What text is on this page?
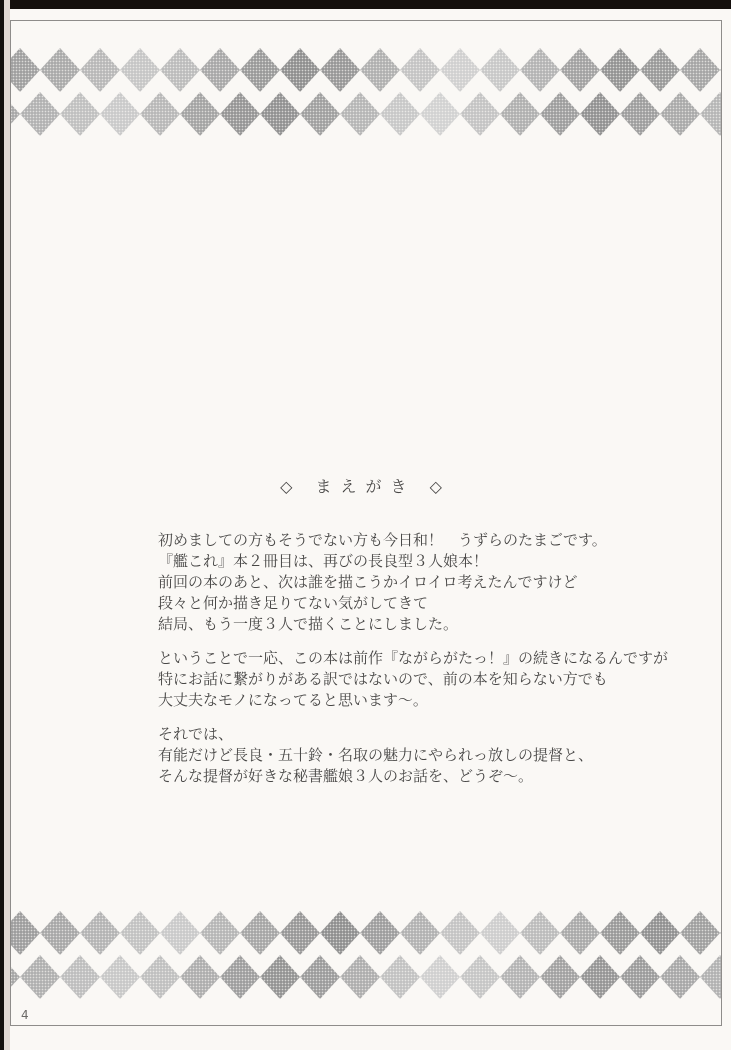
◇ まえがき ◇
初めましての方もそうでない方も今日和！　うずらのたまごです。
『艦これ』本２冊目は、再びの長良型３人娘本！
前回の本のあと、次は誰を描こうかイロイロ考えたんですけど
段々と何か描き足りてない気がしてきて
結局、もう一度３人で描くことにしました。
ということで一応、この本は前作『ながらがたっ！』の続きになるんですが
特にお話に繋がりがある訳ではないので、前の本を知らない方でも
大丈夫なモノになってると思います〜。
それでは、
有能だけど長良・五十鈴・名取の魅力にやられっ放しの提督と、
そんな提督が好きな秘書艦娘３人のお話を、どうぞ〜。
4
